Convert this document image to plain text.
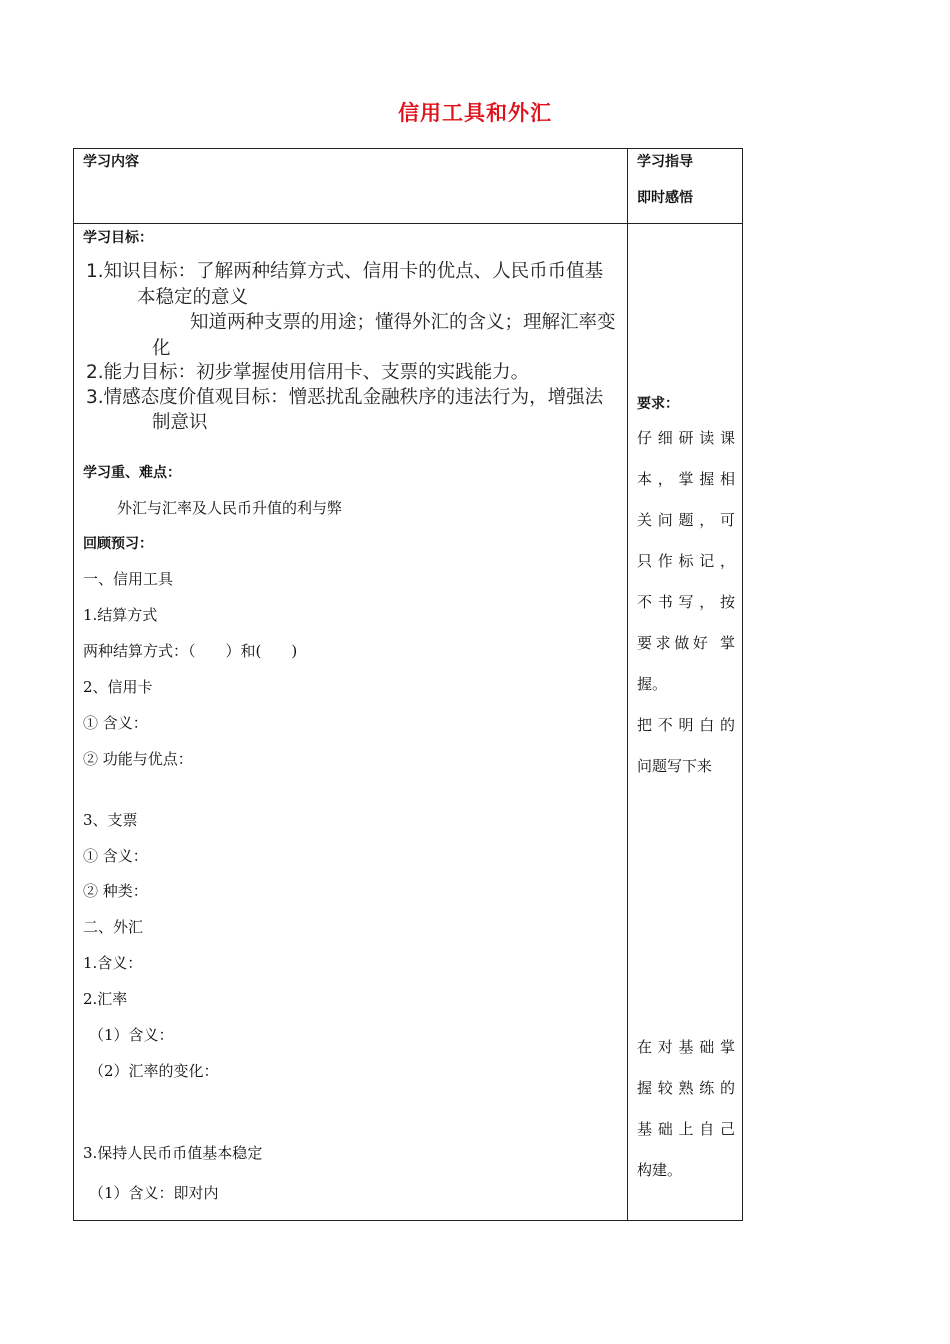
信用工具和外汇
学习内容	学习指导
即时感悟
学习目标：
1.知识目标：了解两种结算方式、信用卡的优点、人民币币值基
本稳定的意义
知道两种支票的用途；懂得外汇的含义；理解汇率变
化
2.能力目标：初步掌握使用信用卡、支票的实践能力。
3.情感态度价值观目标：憎恶扰乱金融秩序的违法行为，增强法
制意识
学习重、难点：
外汇与汇率及人民币升值的利与弊
回顾预习：
一、信用工具
1.结算方式
两种结算方式：（　　）和(　　)
2、信用卡
① 含义：
② 功能与优点：
3、支票
① 含义：
② 种类：
二、外汇
1.含义：
2.汇率
（1）含义：
（2）汇率的变化：
3.保持人民币币值基本稳定
（1）含义：即对内
要求：
仔细研读课
本，掌握相
关问题，可
只作标记，
不书写，按
要求做好 掌
握。
把不明白的
问题写下来
在对基础掌
握较熟练的
基础上自己
构建。
